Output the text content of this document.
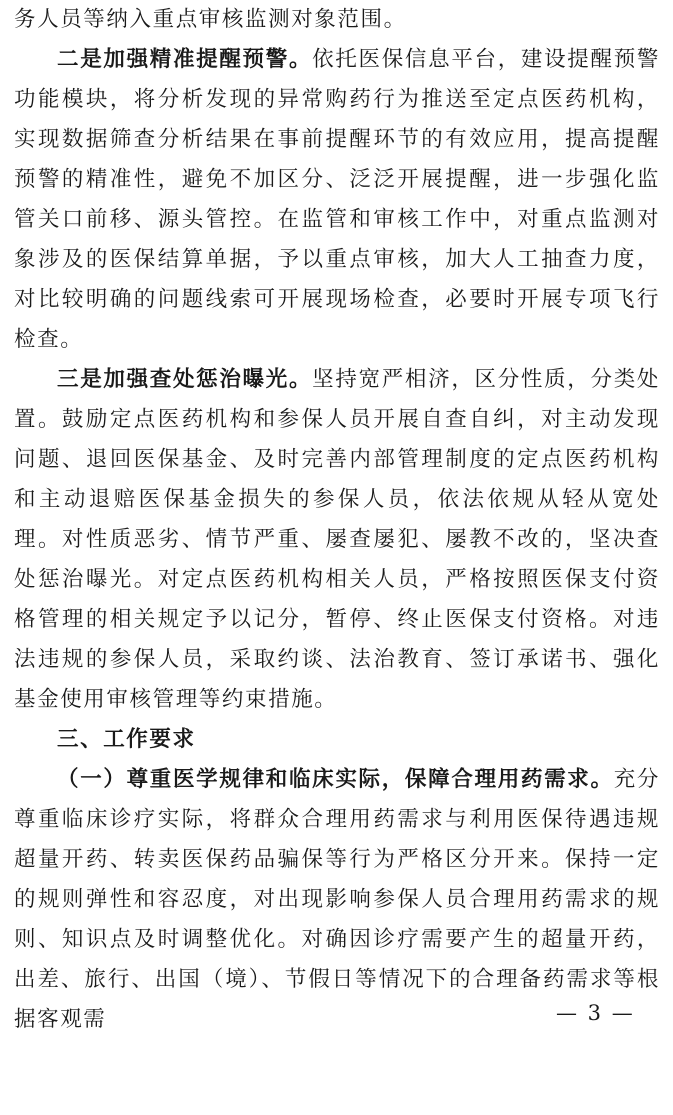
务人员等纳入重点审核监测对象范围。

二是加强精准提醒预警。依托医保信息平台，建设提醒预警功能模块，将分析发现的异常购药行为推送至定点医药机构，实现数据筛查分析结果在事前提醒环节的有效应用，提高提醒预警的精准性，避免不加区分、泛泛开展提醒，进一步强化监管关口前移、源头管控。在监管和审核工作中，对重点监测对象涉及的医保结算单据，予以重点审核，加大人工抽查力度，对比较明确的问题线索可开展现场检查，必要时开展专项飞行检查。

三是加强查处惩治曝光。坚持宽严相济，区分性质，分类处置。鼓励定点医药机构和参保人员开展自查自纠，对主动发现问题、退回医保基金、及时完善内部管理制度的定点医药机构和主动退赔医保基金损失的参保人员，依法依规从轻从宽处理。对性质恶劣、情节严重、屡查屡犯、屡教不改的，坚决查处惩治曝光。对定点医药机构相关人员，严格按照医保支付资格管理的相关规定予以记分，暂停、终止医保支付资格。对违法违规的参保人员，采取约谈、法治教育、签订承诺书、强化基金使用审核管理等约束措施。

三、工作要求

（一）尊重医学规律和临床实际，保障合理用药需求。充分尊重临床诊疗实际，将群众合理用药需求与利用医保待遇违规超量开药、转卖医保药品骗保等行为严格区分开来。保持一定的规则弹性和容忍度，对出现影响参保人员合理用药需求的规则、知识点及时调整优化。对确因诊疗需要产生的超量开药，出差、旅行、出国（境）、节假日等情况下的合理备药需求等根据客观需	— 3 —
